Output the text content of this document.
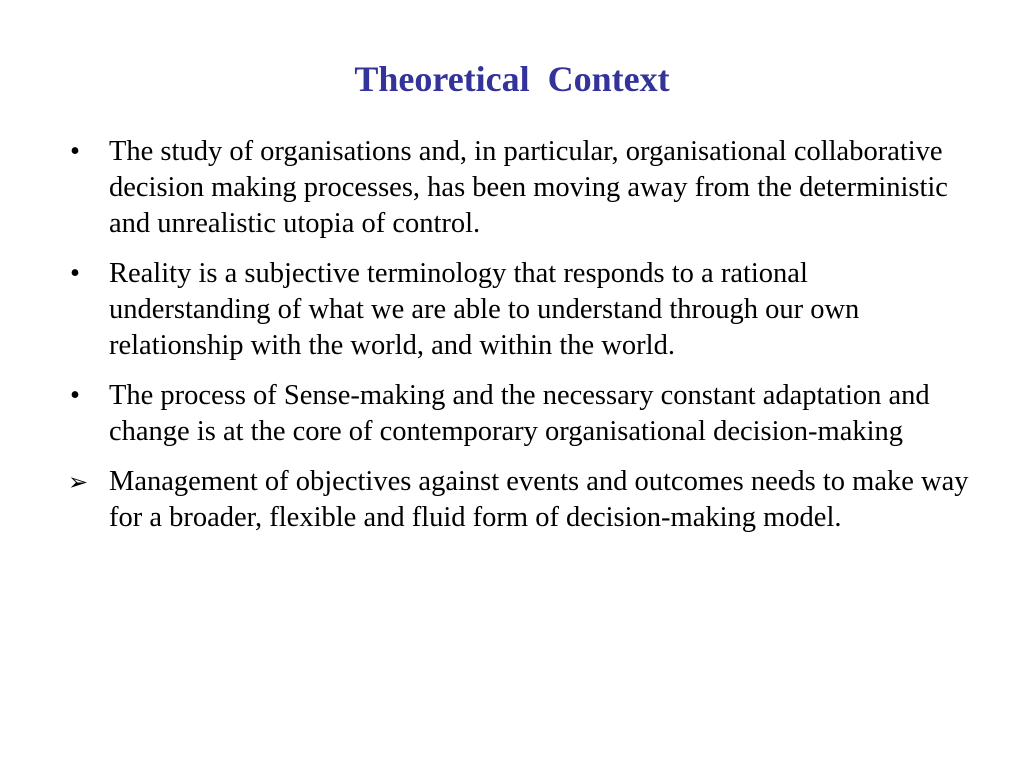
Theoretical  Context
•	The study of organisations and, in particular, organisational collaborative decision making processes, has been moving away from the deterministic and unrealistic utopia of control.
•	Reality is a subjective terminology that responds to a rational understanding of what we are able to understand through our own relationship with the world, and within the world.
•	The process of Sense-making and the necessary constant adaptation and change is at the core of contemporary organisational decision-making
➢ Management of objectives against events and outcomes needs to make way for a broader, flexible and fluid form of decision-making model.
